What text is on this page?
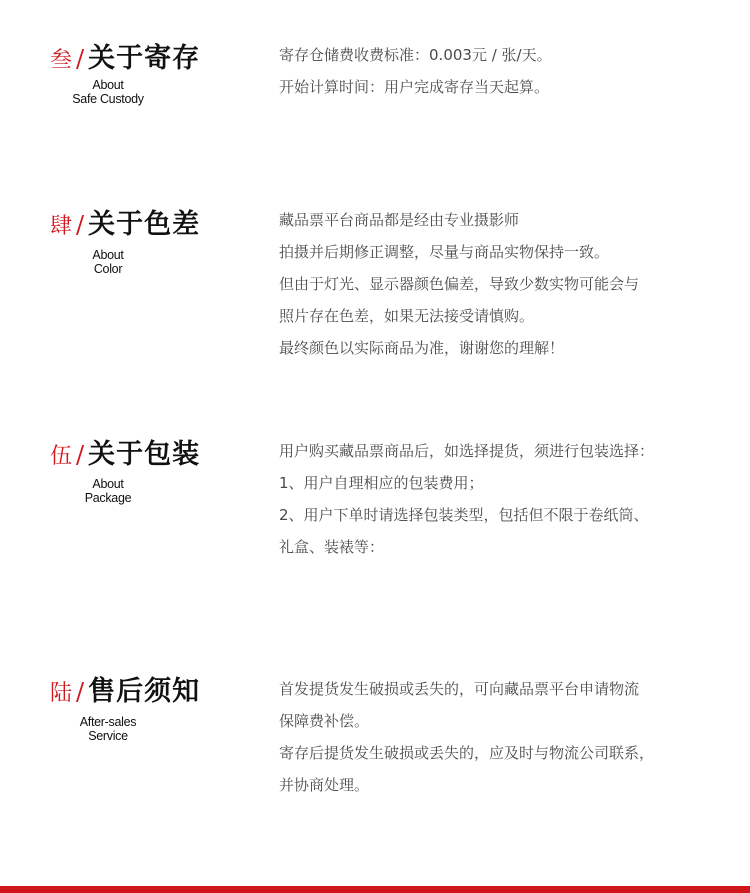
叁 / 关于寄存
About
Safe Custody

寄存仓储费收费标准：0.003元 / 张/天。

开始计算时间：用户完成寄存当天起算。

肆 / 关于色差
About
Color

藏品票平台商品都是经由专业摄影师

拍摄并后期修正调整，尽量与商品实物保持一致。

但由于灯光、显示器颜色偏差，导致少数实物可能会与

照片存在色差，如果无法接受请慎购。

最终颜色以实际商品为准，谢谢您的理解！

伍 / 关于包装
About
Package

用户购买藏品票商品后，如选择提货，须进行包装选择：

1、用户自理相应的包装费用；

2、用户下单时请选择包装类型，包括但不限于卷纸筒、

礼盒、装裱等：

陆 / 售后须知
After-sales
Service

首发提货发生破损或丢失的，可向藏品票平台申请物流

保障费补偿。

寄存后提货发生破损或丢失的，应及时与物流公司联系，

并协商处理。
